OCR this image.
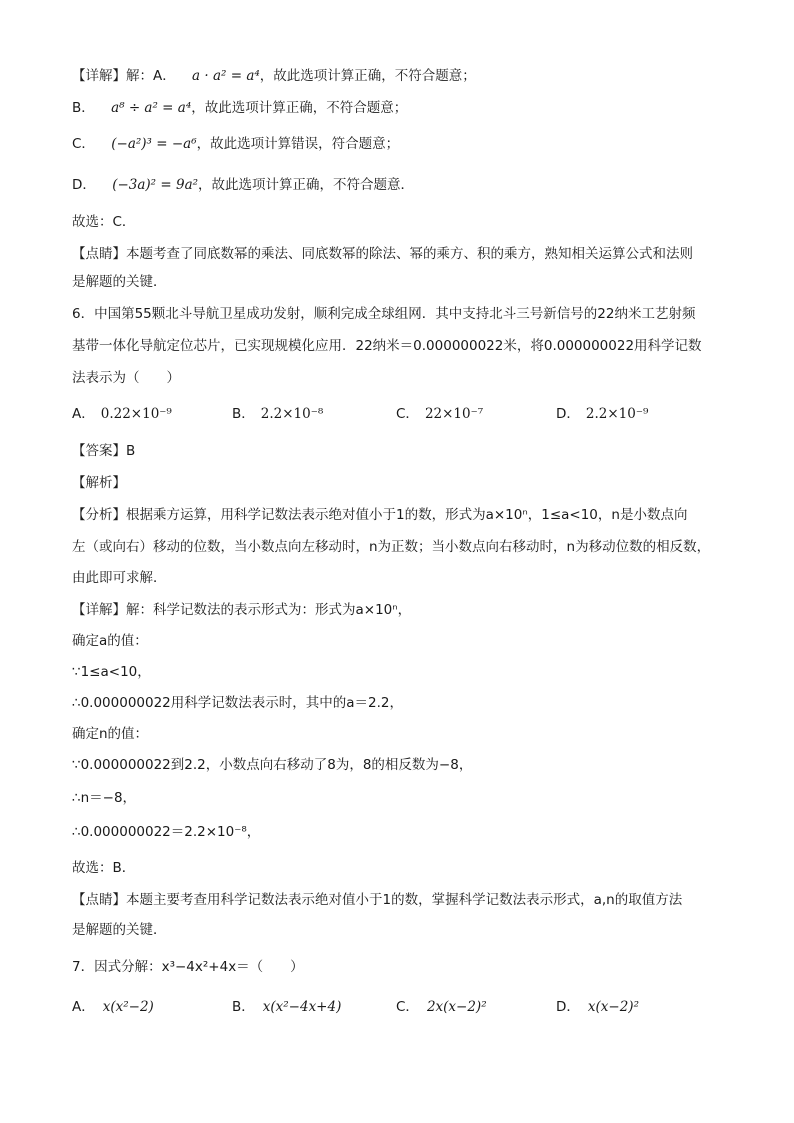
【详解】解：A． a · a² = a⁴，故此选项计算正确，不符合题意；
B． a⁸ ÷ a² = a⁴，故此选项计算正确，不符合题意；
C． (−a²)³ = −a⁶，故此选项计算错误，符合题意；
D． (−3a)² = 9a²，故此选项计算正确，不符合题意．
故选：C．
【点睛】本题考查了同底数幂的乘法、同底数幂的除法、幂的乘方、积的乘方，熟知相关运算公式和法则
是解题的关键．
6．中国第55颗北斗导航卫星成功发射，顺利完成全球组网．其中支持北斗三号新信号的22纳米工艺射频
基带一体化导航定位芯片，已实现规模化应用．22纳米＝0.000000022米，将0.000000022用科学记数
法表示为（　　）
A． 0.22×10⁻⁹	B． 2.2×10⁻⁸	C． 22×10⁻⁷	D． 2.2×10⁻⁹
【答案】B
【解析】
【分析】根据乘方运算，用科学记数法表示绝对值小于1的数，形式为a×10ⁿ，1≤a<10，n是小数点向
左（或向右）移动的位数，当小数点向左移动时，n为正数；当小数点向右移动时，n为移动位数的相反数，
由此即可求解．
【详解】解：科学记数法的表示形式为：形式为a×10ⁿ，
确定a的值：
∵1≤a<10，
∴0.000000022用科学记数法表示时，其中的a＝2.2，
确定n的值：
∵0.000000022到2.2，小数点向右移动了8为，8的相反数为−8，
∴n＝−8，
∴0.000000022＝2.2×10⁻⁸，
故选：B．
【点睛】本题主要考查用科学记数法表示绝对值小于1的数，掌握科学记数法表示形式，a,n的取值方法
是解题的关键．
7．因式分解：x³−4x²+4x＝（　　）
A． x(x²−2)	B． x(x²−4x+4)	C． 2x(x−2)²	D． x(x−2)²
